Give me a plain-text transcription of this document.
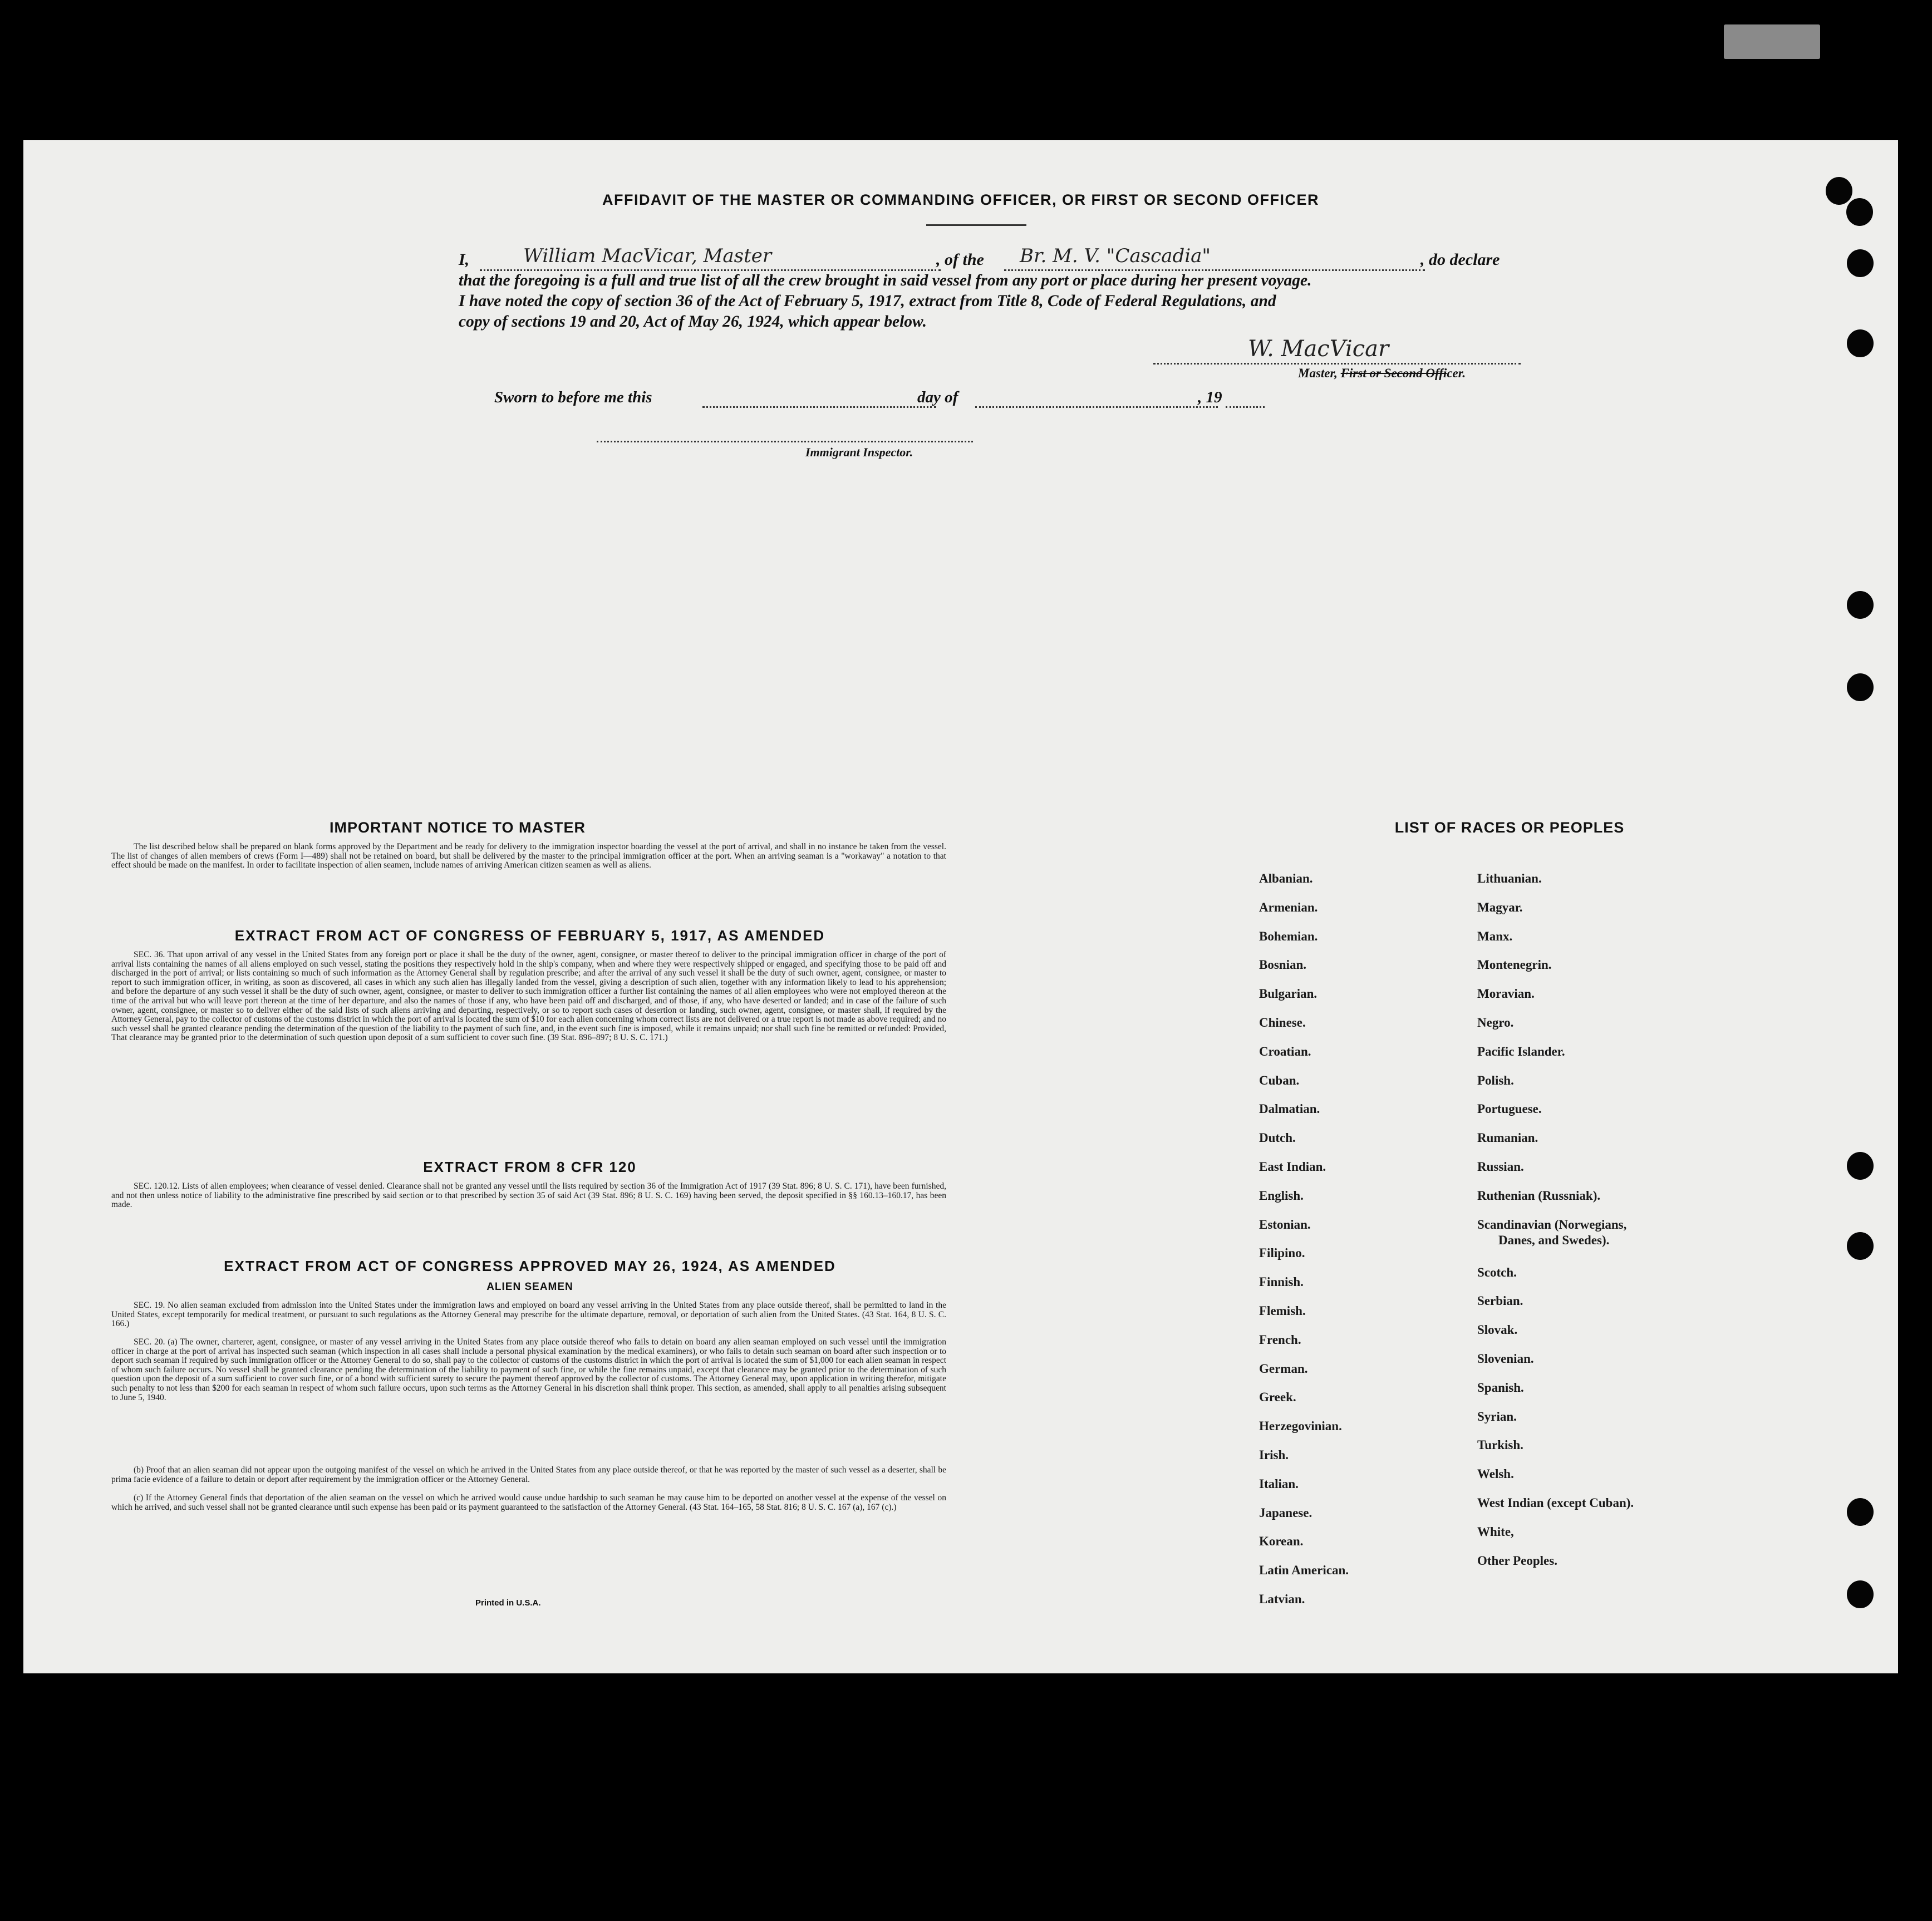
AFFIDAVIT OF THE MASTER OR COMMANDING OFFICER, OR FIRST OR SECOND OFFICER
I,	William MacVicar, Master	, of the Br. M. V. "Cascadia"	, do declare
that the foregoing is a full and true list of all the crew brought in said vessel from any port or place during her present voyage.
I have noted the copy of section 36 of the Act of February 5, 1917, extract from Title 8, Code of Federal Regulations, and
copy of sections 19 and 20, Act of May 26, 1924, which appear below.
W. MacVicar
Master, First or Second Officer.
Sworn to before me this	day of	, 19
Immigrant Inspector.
IMPORTANT NOTICE TO MASTER
The list described below shall be prepared on blank forms approved by the Department and be ready for delivery to the immigration inspector boarding the vessel at the port of arrival, and shall in no instance be taken from the vessel. The list of changes of alien members of crews (Form I—489) shall not be retained on board, but shall be delivered by the master to the principal immigration officer at the port. When an arriving seaman is a "workaway" a notation to that effect should be made on the manifest. In order to facilitate inspection of alien seamen, include names of arriving American citizen seamen as well as aliens.
EXTRACT FROM ACT OF CONGRESS OF FEBRUARY 5, 1917, AS AMENDED
SEC. 36. That upon arrival of any vessel in the United States from any foreign port or place it shall be the duty of the owner, agent, consignee, or master thereof to deliver to the principal immigration officer in charge of the port of arrival lists containing the names of all aliens employed on such vessel, stating the positions they respectively hold in the ship's company, when and where they were respectively shipped or engaged, and specifying those to be paid off and discharged in the port of arrival; or lists containing so much of such information as the Attorney General shall by regulation prescribe; and after the arrival of any such vessel it shall be the duty of such owner, agent, consignee, or master to report to such immigration officer, in writing, as soon as discovered, all cases in which any such alien has illegally landed from the vessel, giving a description of such alien, together with any information likely to lead to his apprehension; and before the departure of any such vessel it shall be the duty of such owner, agent, consignee, or master to deliver to such immigration officer a further list containing the names of all alien employees who were not employed thereon at the time of the arrival but who will leave port thereon at the time of her departure, and also the names of those if any, who have been paid off and discharged, and of those, if any, who have deserted or landed; and in case of the failure of such owner, agent, consignee, or master so to deliver either of the said lists of such aliens arriving and departing, respectively, or so to report such cases of desertion or landing, such owner, agent, consignee, or master shall, if required by the Attorney General, pay to the collector of customs of the customs district in which the port of arrival is located the sum of $10 for each alien concerning whom correct lists are not delivered or a true report is not made as above required; and no such vessel shall be granted clearance pending the determination of the question of the liability to the payment of such fine, and, in the event such fine is imposed, while it remains unpaid; nor shall such fine be remitted or refunded: Provided, That clearance may be granted prior to the determination of such question upon deposit of a sum sufficient to cover such fine. (39 Stat. 896–897; 8 U. S. C. 171.)
EXTRACT FROM 8 CFR 120
SEC. 120.12. Lists of alien employees; when clearance of vessel denied. Clearance shall not be granted any vessel until the lists required by section 36 of the Immigration Act of 1917 (39 Stat. 896; 8 U. S. C. 171), have been furnished, and not then unless notice of liability to the administrative fine prescribed by said section or to that prescribed by section 35 of said Act (39 Stat. 896; 8 U. S. C. 169) having been served, the deposit specified in §§ 160.13–160.17, has been made.
EXTRACT FROM ACT OF CONGRESS APPROVED MAY 26, 1924, AS AMENDED
ALIEN SEAMEN
SEC. 19. No alien seaman excluded from admission into the United States under the immigration laws and employed on board any vessel arriving in the United States from any place outside thereof, shall be permitted to land in the United States, except temporarily for medical treatment, or pursuant to such regulations as the Attorney General may prescribe for the ultimate departure, removal, or deportation of such alien from the United States. (43 Stat. 164, 8 U. S. C. 166.)
SEC. 20. (a) The owner, charterer, agent, consignee, or master of any vessel arriving in the United States from any place outside thereof who fails to detain on board any alien seaman employed on such vessel until the immigration officer in charge at the port of arrival has inspected such seaman (which inspection in all cases shall include a personal physical examination by the medical examiners), or who fails to detain such seaman on board after such inspection or to deport such seaman if required by such immigration officer or the Attorney General to do so, shall pay to the collector of customs of the customs district in which the port of arrival is located the sum of $1,000 for each alien seaman in respect of whom such failure occurs. No vessel shall be granted clearance pending the determination of the liability to payment of such fine, or while the fine remains unpaid, except that clearance may be granted prior to the determination of such question upon the deposit of a sum sufficient to cover such fine, or of a bond with sufficient surety to secure the payment thereof approved by the collector of customs. The Attorney General may, upon application in writing therefor, mitigate such penalty to not less than $200 for each seaman in respect of whom such failure occurs, upon such terms as the Attorney General in his discretion shall think proper. This section, as amended, shall apply to all penalties arising subsequent to June 5, 1940.
(b) Proof that an alien seaman did not appear upon the outgoing manifest of the vessel on which he arrived in the United States from any place outside thereof, or that he was reported by the master of such vessel as a deserter, shall be prima facie evidence of a failure to detain or deport after requirement by the immigration officer or the Attorney General.
(c) If the Attorney General finds that deportation of the alien seaman on the vessel on which he arrived would cause undue hardship to such seaman he may cause him to be deported on another vessel at the expense of the vessel on which he arrived, and such vessel shall not be granted clearance until such expense has been paid or its payment guaranteed to the satisfaction of the Attorney General. (43 Stat. 164–165, 58 Stat. 816; 8 U. S. C. 167 (a), 167 (c).)
Printed in U.S.A.
LIST OF RACES OR PEOPLES
Albanian.
Armenian.
Bohemian.
Bosnian.
Bulgarian.
Chinese.
Croatian.
Cuban.
Dalmatian.
Dutch.
East Indian.
English.
Estonian.
Filipino.
Finnish.
Flemish.
French.
German.
Greek.
Herzegovinian.
Irish.
Italian.
Japanese.
Korean.
Latin American.
Latvian.
Lithuanian.
Magyar.
Manx.
Montenegrin.
Moravian.
Negro.
Pacific Islander.
Polish.
Portuguese.
Rumanian.
Russian.
Ruthenian (Russniak).
Scandinavian (Norwegians,
Danes, and Swedes).
Scotch.
Serbian.
Slovak.
Slovenian.
Spanish.
Syrian.
Turkish.
Welsh.
West Indian (except Cuban).
White,
Other Peoples.
